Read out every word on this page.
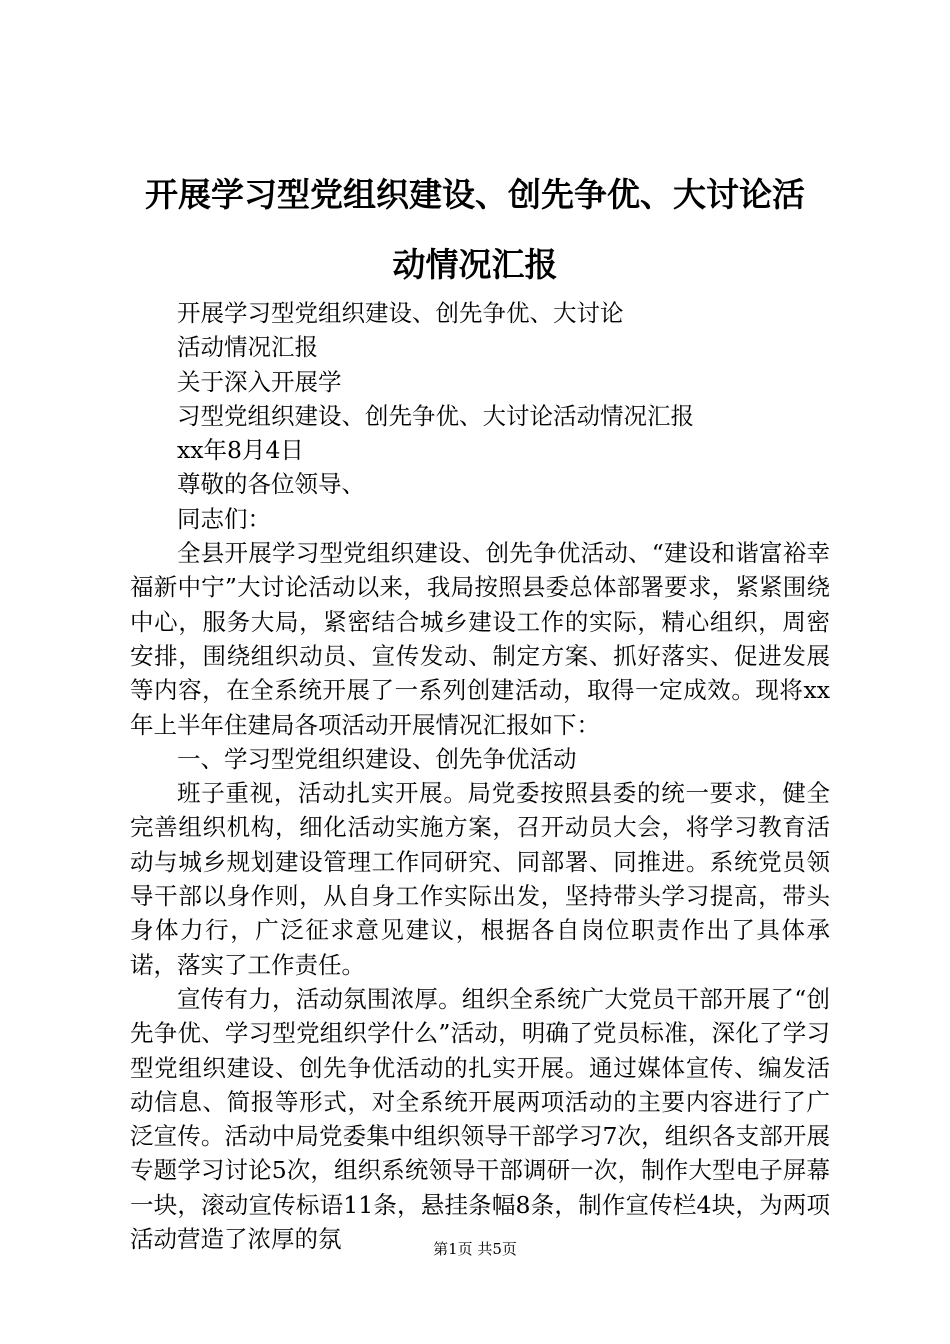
开展学习型党组织建设、创先争优、大讨论活
动情况汇报

开展学习型党组织建设、创先争优、大讨论

活动情况汇报

关于深入开展学

习型党组织建设、创先争优、大讨论活动情况汇报

xx年8月4日

尊敬的各位领导、

同志们：

全县开展学习型党组织建设、创先争优活动、“建设和谐富裕幸福新中宁”大讨论活动以来，我局按照县委总体部署要求，紧紧围绕中心，服务大局，紧密结合城乡建设工作的实际，精心组织，周密安排，围绕组织动员、宣传发动、制定方案、抓好落实、促进发展等内容，在全系统开展了一系列创建活动，取得一定成效。现将xx年上半年住建局各项活动开展情况汇报如下：

一、学习型党组织建设、创先争优活动

班子重视，活动扎实开展。局党委按照县委的统一要求，健全完善组织机构，细化活动实施方案，召开动员大会，将学习教育活动与城乡规划建设管理工作同研究、同部署、同推进。系统党员领导干部以身作则，从自身工作实际出发，坚持带头学习提高，带头身体力行，广泛征求意见建议，根据各自岗位职责作出了具体承诺，落实了工作责任。

宣传有力，活动氛围浓厚。组织全系统广大党员干部开展了“创先争优、学习型党组织学什么”活动，明确了党员标准，深化了学习型党组织建设、创先争优活动的扎实开展。通过媒体宣传、编发活动信息、简报等形式，对全系统开展两项活动的主要内容进行了广泛宣传。活动中局党委集中组织领导干部学习7次，组织各支部开展专题学习讨论5次，组织系统领导干部调研一次，制作大型电子屏幕一块，滚动宣传标语11条，悬挂条幅8条，制作宣传栏4块，为两项活动营造了浓厚的氛	第1页 共5页
